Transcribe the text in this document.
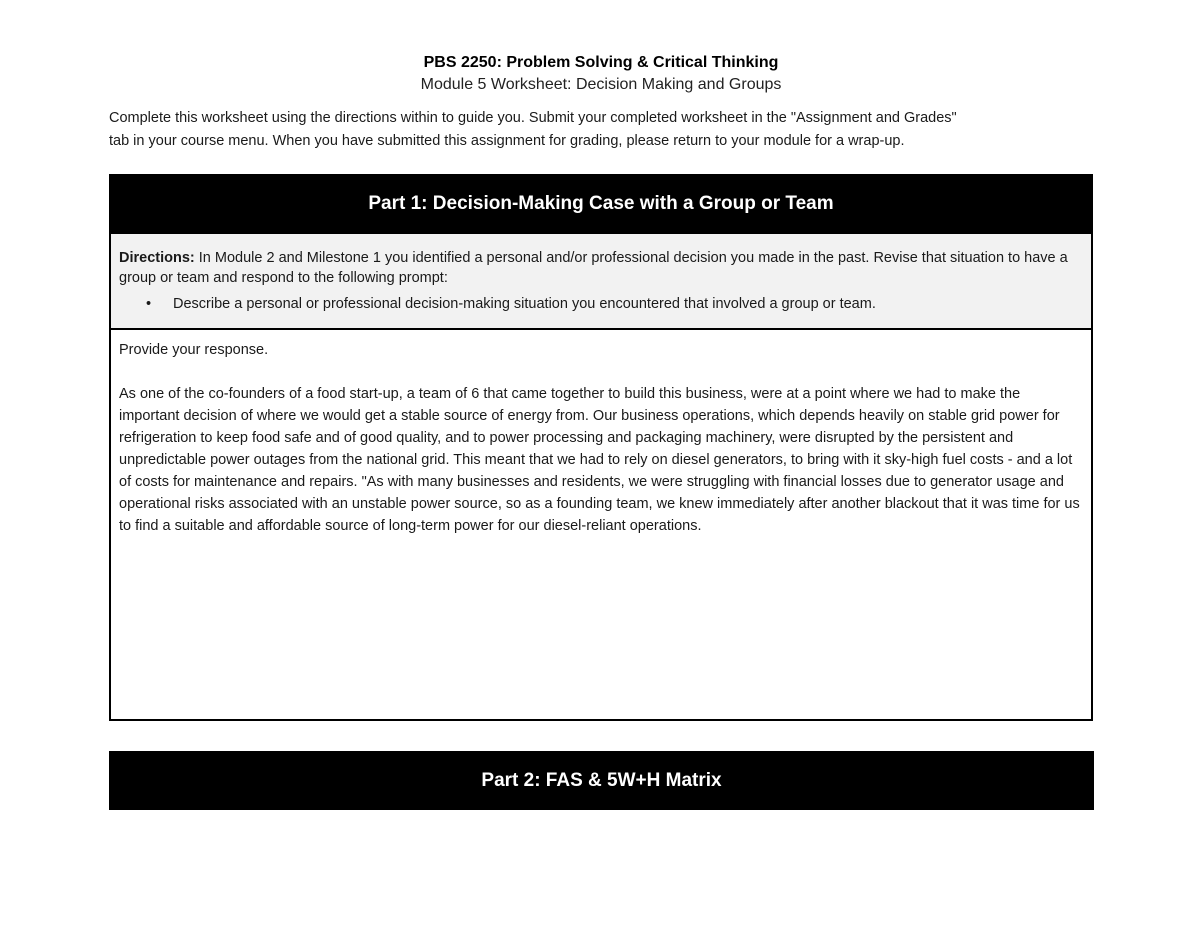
PBS 2250: Problem Solving & Critical Thinking
Module 5 Worksheet: Decision Making and Groups
Complete this worksheet using the directions within to guide you. Submit your completed worksheet in the "Assignment and Grades"
tab in your course menu. When you have submitted this assignment for grading, please return to your module for a wrap-up.
Part 1: Decision-Making Case with a Group or Team
Directions: In Module 2 and Milestone 1 you identified a personal and/or professional decision you made in the past. Revise that situation to have a group or team and respond to the following prompt:
• Describe a personal or professional decision-making situation you encountered that involved a group or team.
Provide your response.
As one of the co-founders of a food start-up, a team of 6 that came together to build this business, were at a point where we had to make the important decision of where we would get a stable source of energy from. Our business operations, which depends heavily on stable grid power for refrigeration to keep food safe and of good quality, and to power processing and packaging machinery, were disrupted by the persistent and unpredictable power outages from the national grid. This meant that we had to rely on diesel generators, to bring with it sky-high fuel costs - and a lot of costs for maintenance and repairs. "As with many businesses and residents, we were struggling with financial losses due to generator usage and operational risks associated with an unstable power source, so as a founding team, we knew immediately after another blackout that it was time for us to find a suitable and affordable source of long-term power for our diesel-reliant operations.
Part 2: FAS & 5W+H Matrix
